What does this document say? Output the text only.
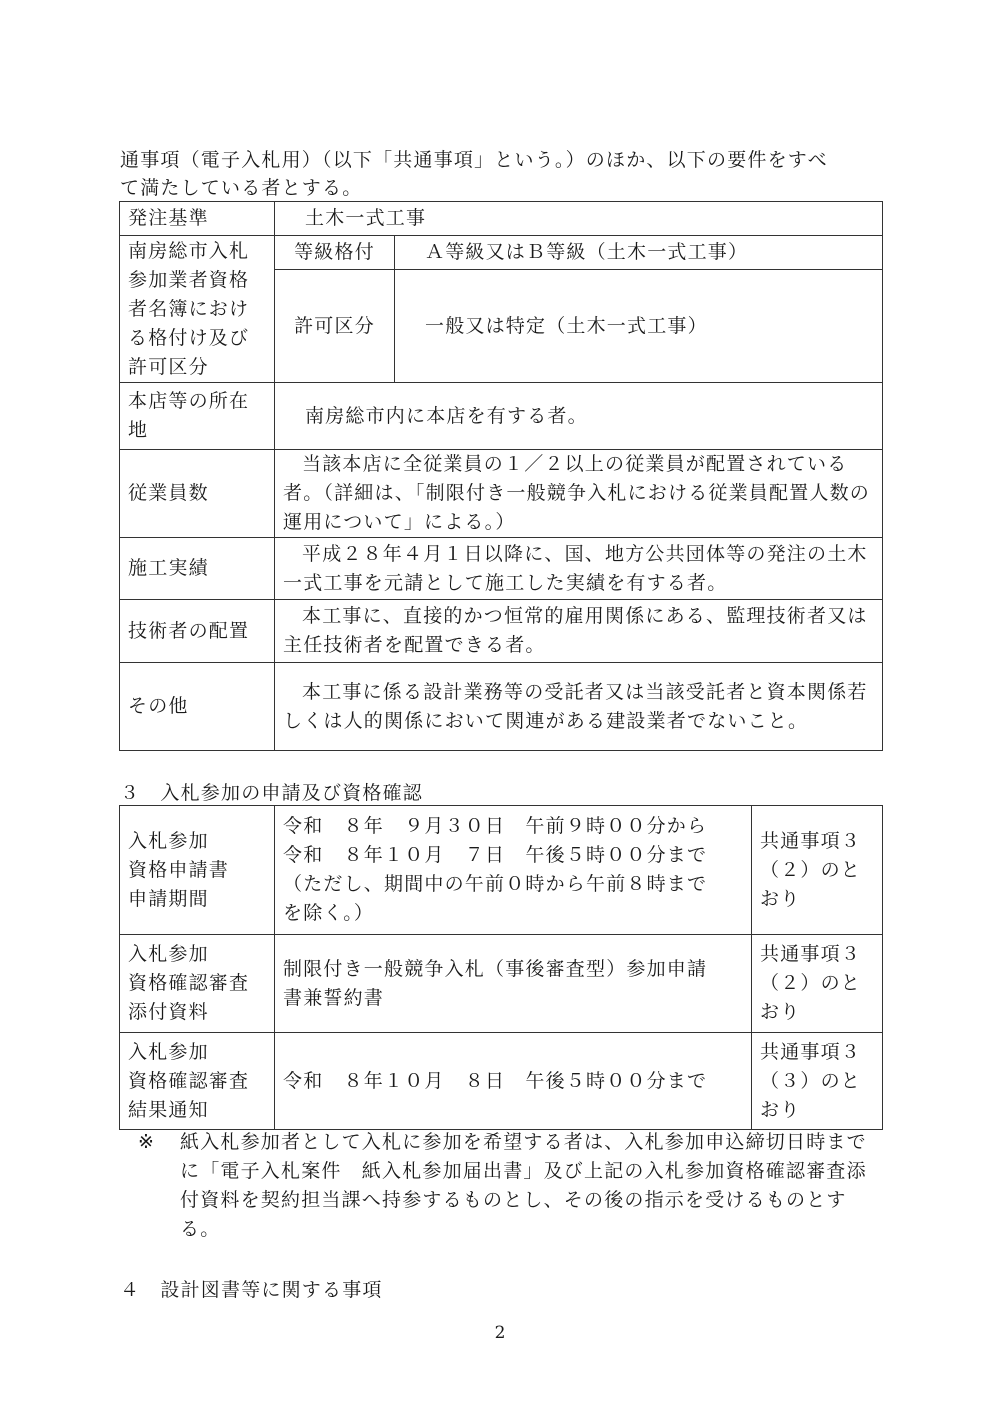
通事項（電子入札用）（以下「共通事項」という。）のほか、以下の要件をすべ
て満たしている者とする。
発注基準	土木一式工事	
南房総市入札
参加業者資格
者名簿におけ
る格付け及び
許可区分	等級格付	Ａ等級又はＢ等級（土木一式工事）
	許可区分	一般又は特定（土木一式工事）
本店等の所在
地	南房総市内に本店を有する者。	
従業員数	当該本店に全従業員の１／２以上の従業員が配置されている者。（詳細は、「制限付き一般競争入札における従業員配置人数の運用について」による。）	
施工実績	平成２８年４月１日以降に、国、地方公共団体等の発注の土木一式工事を元請として施工した実績を有する者。	
技術者の配置	本工事に、直接的かつ恒常的雇用関係にある、監理技術者又は主任技術者を配置できる者。	
その他	本工事に係る設計業務等の受託者又は当該受託者と資本関係若しくは人的関係において関連がある建設業者でないこと。	
３　入札参加の申請及び資格確認
入札参加
資格申請書
申請期間	令和　８年　９月３０日　午前９時００分から
令和　８年１０月　７日　午後５時００分まで
（ただし、期間中の午前０時から午前８時まで
を除く。）	共通事項３
（２）のと
おり
入札参加
資格確認審査
添付資料	制限付き一般競争入札（事後審査型）参加申請
書兼誓約書	共通事項３
（２）のと
おり
入札参加
資格確認審査
結果通知	令和　８年１０月　８日　午後５時００分まで	共通事項３
（３）のと
おり
※	紙入札参加者として入札に参加を希望する者は、入札参加申込締切日時までに「電子入札案件　紙入札参加届出書」及び上記の入札参加資格確認審査添付資料を契約担当課へ持参するものとし、その後の指示を受けるものとする。
４　設計図書等に関する事項
2
